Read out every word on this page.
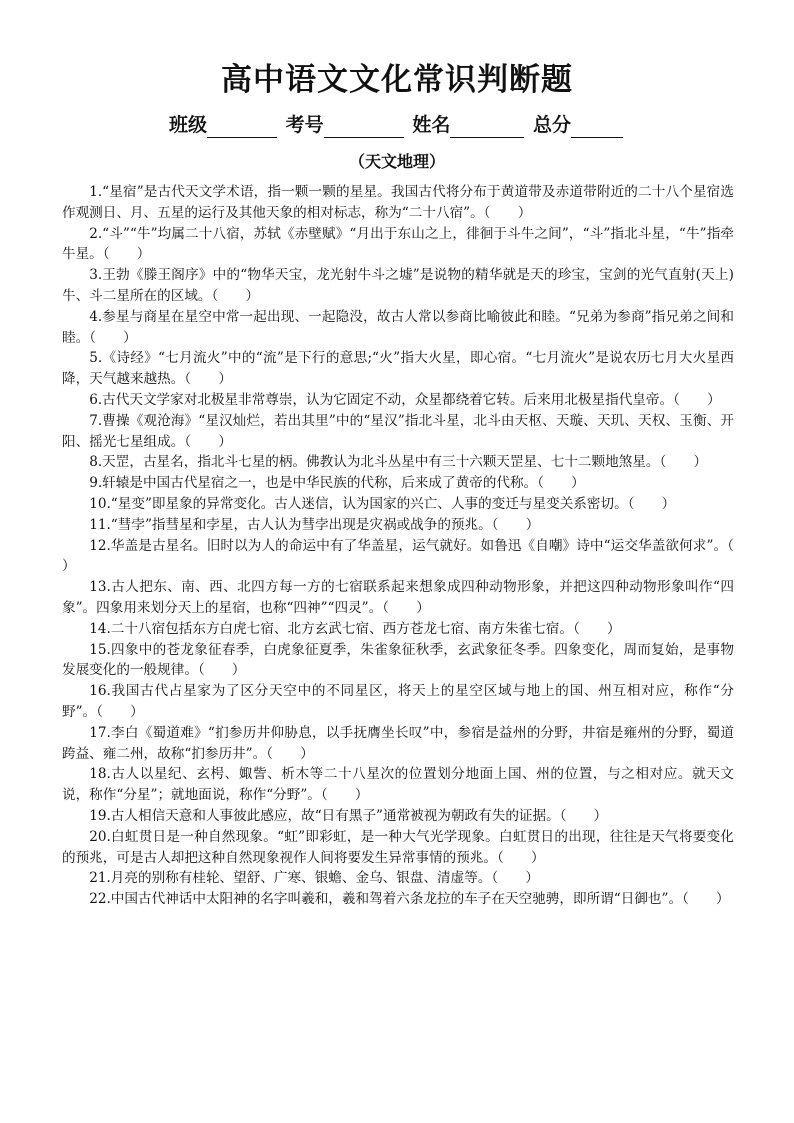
高中语文文化常识判断题
班级	考号	姓名	总分
（天文地理）

1.“星宿”是古代天文学术语，指一颗一颗的星星。我国古代将分布于黄道带及赤道带附近的二十八个星宿选作观测日、月、五星的运行及其他天象的相对标志，称为“二十八宿”。（　　）

2.“斗”“牛”均属二十八宿，苏轼《赤壁赋》“月出于东山之上，徘徊于斗牛之间”，“斗”指北斗星，“牛”指牵牛星。（　　）

3.王勃《滕王阁序》中的“物华天宝，龙光射牛斗之墟”是说物的精华就是天的珍宝，宝剑的光气直射(天上)牛、斗二星所在的区域。（　　）

4.参星与商星在星空中常一起出现、一起隐没，故古人常以参商比喻彼此和睦。“兄弟为参商”指兄弟之间和睦。（　　）

5.《诗经》“七月流火”中的“流”是下行的意思;“火”指大火星，即心宿。“七月流火”是说农历七月大火星西降，天气越来越热。（　　）

6.古代天文学家对北极星非常尊崇，认为它固定不动，众星都绕着它转。后来用北极星指代皇帝。（　　）

7.曹操《观沧海》“星汉灿烂，若出其里”中的“星汉”指北斗星，北斗由天枢、天璇、天玑、天权、玉衡、开阳、摇光七星组成。（　　）

8.天罡，古星名，指北斗七星的柄。佛教认为北斗丛星中有三十六颗天罡星、七十二颗地煞星。（　　）

9.轩辕是中国古代星宿之一，也是中华民族的代称，后来成了黄帝的代称。（　　）

10.“星变”即星象的异常变化。古人迷信，认为国家的兴亡、人事的变迁与星变关系密切。（　　）

11.“彗孛”指彗星和孛星，古人认为彗孛出现是灾祸或战争的预兆。（　　）

12.华盖是古星名。旧时以为人的命运中有了华盖星，运气就好。如鲁迅《自嘲》诗中“运交华盖欲何求”。（　　）

13.古人把东、南、西、北四方每一方的七宿联系起来想象成四种动物形象，并把这四种动物形象叫作“四象”。四象用来划分天上的星宿，也称“四神”“四灵”。（　　）

14.二十八宿包括东方白虎七宿、北方玄武七宿、西方苍龙七宿、南方朱雀七宿。（　　）

15.四象中的苍龙象征春季，白虎象征夏季，朱雀象征秋季，玄武象征冬季。四象变化，周而复始，是事物发展变化的一般规律。（　　）

16.我国古代占星家为了区分天空中的不同星区，将天上的星空区域与地上的国、州互相对应，称作“分野”。（　　）

17.李白《蜀道难》“扪参历井仰胁息，以手抚膺坐长叹”中，参宿是益州的分野，井宿是雍州的分野，蜀道跨益、雍二州，故称“扪参历井”。（　　）

18.古人以星纪、玄枵、娵訾、析木等二十八星次的位置划分地面上国、州的位置，与之相对应。就天文说，称作“分星”；就地面说，称作“分野”。（　　）

19.古人相信天意和人事彼此感应，故“日有黑子”通常被视为朝政有失的证据。（　　）

20.白虹贯日是一种自然现象。“虹”即彩虹，是一种大气光学现象。白虹贯日的出现，往往是天气将要变化的预兆，可是古人却把这种自然现象视作人间将要发生异常事情的预兆。（　　）

21.月亮的别称有桂轮、望舒、广寒、银蟾、金乌、银盘、清虚等。（　　）

22.中国古代神话中太阳神的名字叫羲和，羲和驾着六条龙拉的车子在天空驰骋，即所谓“日御也”。（　　）
